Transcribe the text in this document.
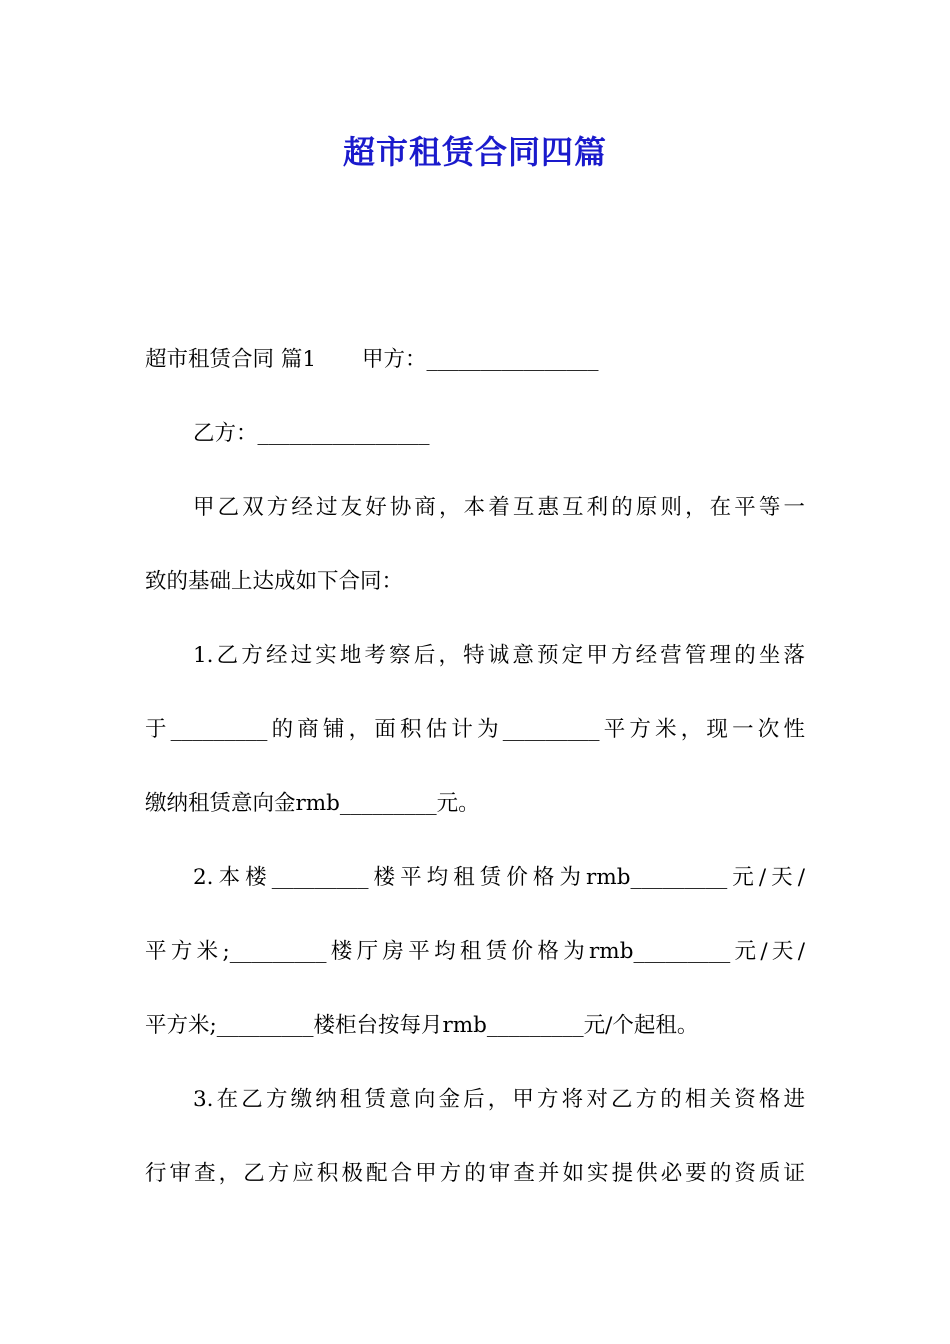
超市租赁合同四篇
超市租赁合同 篇1 甲方：________________
乙方：________________
甲乙双方经过友好协商，本着互惠互利的原则，在平等一
致的基础上达成如下合同：
1.乙方经过实地考察后，特诚意预定甲方经营管理的坐落
于_________的商铺，面积估计为_________平方米，现一次性
缴纳租赁意向金rmb_________元。
2.本楼_________楼平均租赁价格为rmb_________元/天/
平方米;_________楼厅房平均租赁价格为rmb_________元/天/
平方米;_________楼柜台按每月rmb_________元/个起租。
3.在乙方缴纳租赁意向金后，甲方将对乙方的相关资格进
行审查，乙方应积极配合甲方的审查并如实提供必要的资质证
